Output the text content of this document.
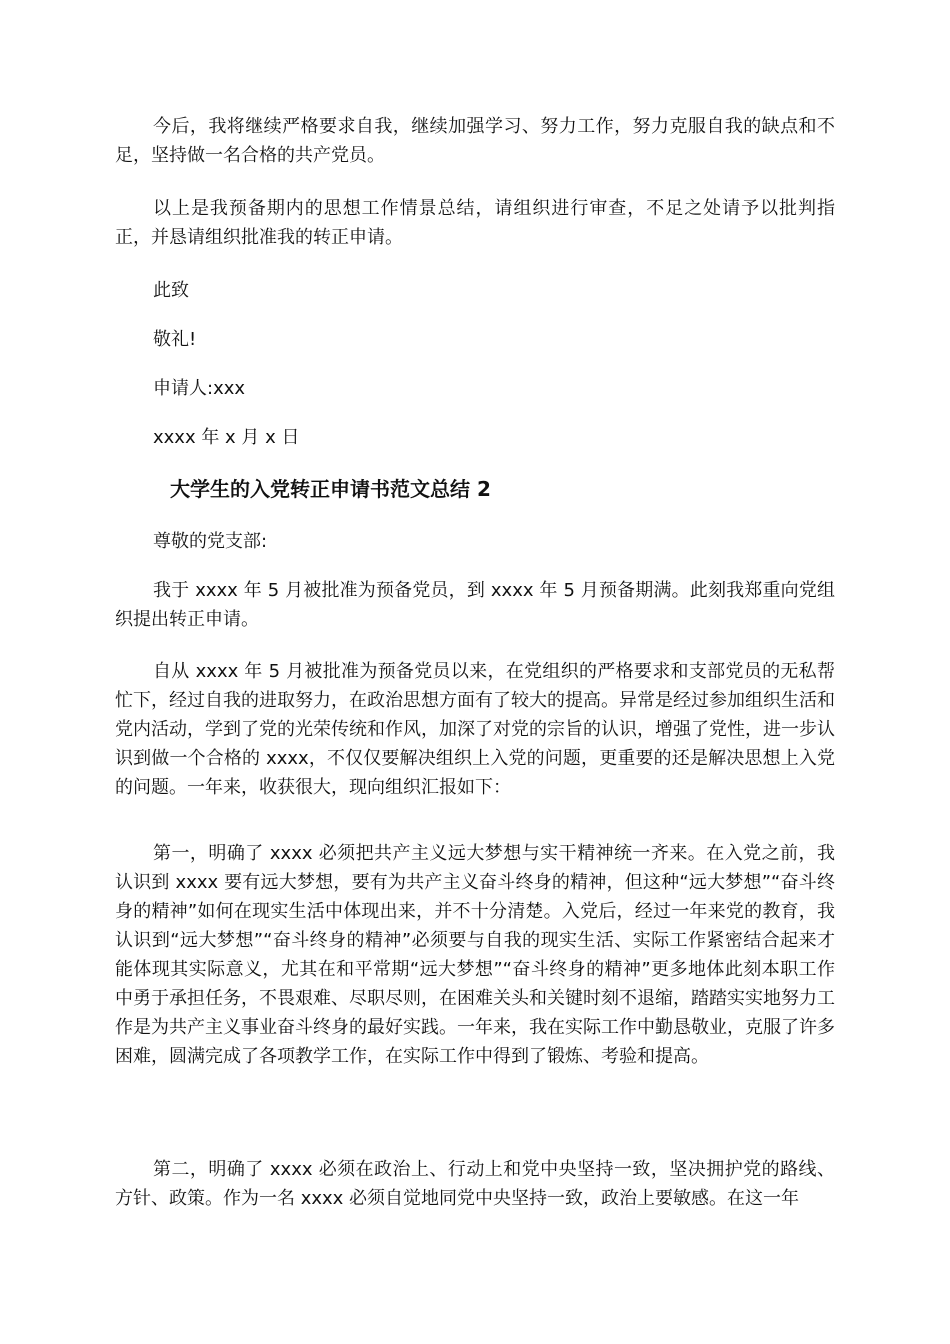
今后，我将继续严格要求自我，继续加强学习、努力工作，努力克服自我的缺点和不足，坚持做一名合格的共产党员。

以上是我预备期内的思想工作情景总结，请组织进行审查，不足之处请予以批判指正，并恳请组织批准我的转正申请。

此致

敬礼!

申请人:xxx

xxxx 年 x 月 x 日

大学生的入党转正申请书范文总结 2

尊敬的党支部:

我于 xxxx 年 5 月被批准为预备党员，到 xxxx 年 5 月预备期满。此刻我郑重向党组织提出转正申请。

自从 xxxx 年 5 月被批准为预备党员以来，在党组织的严格要求和支部党员的无私帮忙下，经过自我的进取努力，在政治思想方面有了较大的提高。异常是经过参加组织生活和党内活动，学到了党的光荣传统和作风，加深了对党的宗旨的认识，增强了党性，进一步认识到做一个合格的 xxxx，不仅仅要解决组织上入党的问题，更重要的还是解决思想上入党的问题。一年来，收获很大，现向组织汇报如下：

第一，明确了 xxxx 必须把共产主义远大梦想与实干精神统一齐来。在入党之前，我认识到 xxxx 要有远大梦想，要有为共产主义奋斗终身的精神，但这种“远大梦想”“奋斗终身的精神”如何在现实生活中体现出来，并不十分清楚。入党后，经过一年来党的教育，我认识到“远大梦想”“奋斗终身的精神”必须要与自我的现实生活、实际工作紧密结合起来才能体现其实际意义，尤其在和平常期“远大梦想”“奋斗终身的精神”更多地体此刻本职工作中勇于承担任务，不畏艰难、尽职尽则，在困难关头和关键时刻不退缩，踏踏实实地努力工作是为共产主义事业奋斗终身的最好实践。一年来，我在实际工作中勤恳敬业，克服了许多困难，圆满完成了各项教学工作，在实际工作中得到了锻炼、考验和提高。

第二，明确了 xxxx 必须在政治上、行动上和党中央坚持一致，坚决拥护党的路线、方针、政策。作为一名 xxxx 必须自觉地同党中央坚持一致，政治上要敏感。在这一年
